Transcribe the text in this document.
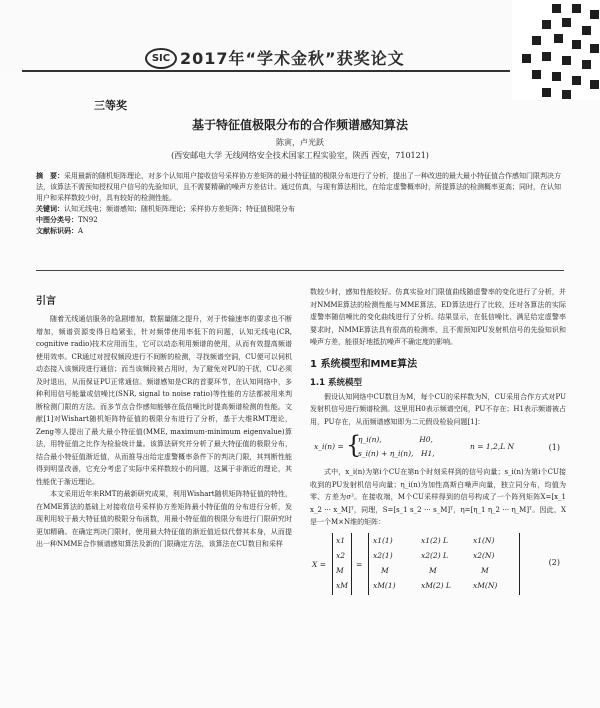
SIC 2017年“学术金秋”获奖论文
三等奖
基于特征值极限分布的合作频谱感知算法
陈寅，卢光跃
(西安邮电大学 无线网络安全技术国家工程实验室，陕西 西安，710121)
摘　要：采用最新的随机矩阵理论，对多个认知用户接收信号采样协方差矩阵的最小特征值的极限分布进行了分析，提出了一种改进的最大最小特征值合作感知门限判决方法，该算法不需预知授权用户信号的先验知识，且不需要精确的噪声方差估计。通过仿真，与现有算法相比，在给定虚警概率时，所提算法的检测概率更高；同时，在认知用户和采样数较少时，具有较好的检测性能。
关键词：认知无线电；频谱感知；随机矩阵理论；采样协方差矩阵；特征值极限分布
中图分类号：TN92
文献标识码：A
引言

随着无线通信服务的急剧增加，数据量随之提升，对于传输速率的要求也不断增加，频谱资源变得日趋紧张，针对频带使用率低下的问题，认知无线电(CR, cognitive radio)技术应用而生，它可以动态利用频谱的使用，从而有效提高频谱使用效率。CR通过对授权频段进行不间断的检测，寻找频谱空洞，CU便可以伺机动态接入该频段进行通信；而当该频段被占用时，为了避免对PU的干扰，CU必须及时退出，从而保证PU正常通信。频谱感知是CR的首要环节，在认知网络中，多种利用信号能量或信噪比(SNR, signal to noise ratio)等性能的方法都被用来判断检测门限的方法。而多节点合作感知能够在低信噪比时提高频谱检测的性能。文献[1]对Wishart随机矩阵特征值的极限分布进行了分析，基于大维RMT理论，Zeng等人提出了最大最小特征值(MME, maximum-minimum eigenvalue)算法，用特征值之比作为检验统计量。该算法研究并分析了最大特征值的极限分布，结合最小特征值渐近值，从而推导出给定虚警概率条件下的判决门限，其判断性能得到明显改善，它充分考虑了实际中采样数较小的问题，这属于非渐近的理论，其性能优于渐近理论。

本文采用近年来RMT的最新研究成果，利用Wishart随机矩阵特征值的特性，在MME算法的基础上对接收信号采样协方差矩阵最小特征值的分布进行分析，发现利用较于最大特征值的极限分布函数，用最小特征值的极限分布进行门限研究时更加精确。在确定判决门限时，使用最大特征值的渐近值近似代替其本身，从而提出一种NMME合作频谱感知算法及新的门限确定方法，该算法在CU数目和采样

数较少时，感知性能较好。仿真实验对门限值曲线随虚警率的变化进行了分析，并对NMME算法的检测性能与MME算法、ED算法进行了比较，还对各算法的实际虚警率随信噪比的变化曲线进行了分析。结果显示，在低信噪比、满足给定虚警率要求时，NMME算法具有很高的检测率，且不需预知PU发射机信号的先验知识和噪声方差，能很好地抵抗噪声不确定度的影响。

1 系统模型和MME算法
1.1 系统模型

假设认知网络中CU数目为M，每个CU的采样数为N，CU采用合作方式对PU发射机信号进行频谱检测。这里用H0表示频谱空闲，PU不存在；H1表示频谱被占用，PU存在，从而频谱感知即为二元假设检验问题[1]：

x_i(n) = {
η_i(n),　　　　　H0,
s_i(n) + η_i(n),　H1,
n = 1,2,L N	(1)

式中，x_i(n)为第i个CU在第n个时刻采样到的信号向量；s_i(n)为第i个CU接收到的PU发射机信号向量；η_i(n)为加性高斯白噪声向量，独立同分布，均值为零、方差为σ²。在接收端，M个CU采样得到的信号构成了一个阵列矩阵X=[x_1 x_2 ··· x_M]ᵀ，同理，S=[s_1 s_2 ··· s_M]ᵀ，η=[η_1 η_2 ··· η_M]ᵀ。因此，X是一个M×N维的矩阵：

X =
x1
x2
M
xM
=
x1(1)	x1(2) L	x1(N)
x2(1)	x2(2) L	x2(N)
M	M	M
xM(1)	xM(2) L	xM(N)
(2)
